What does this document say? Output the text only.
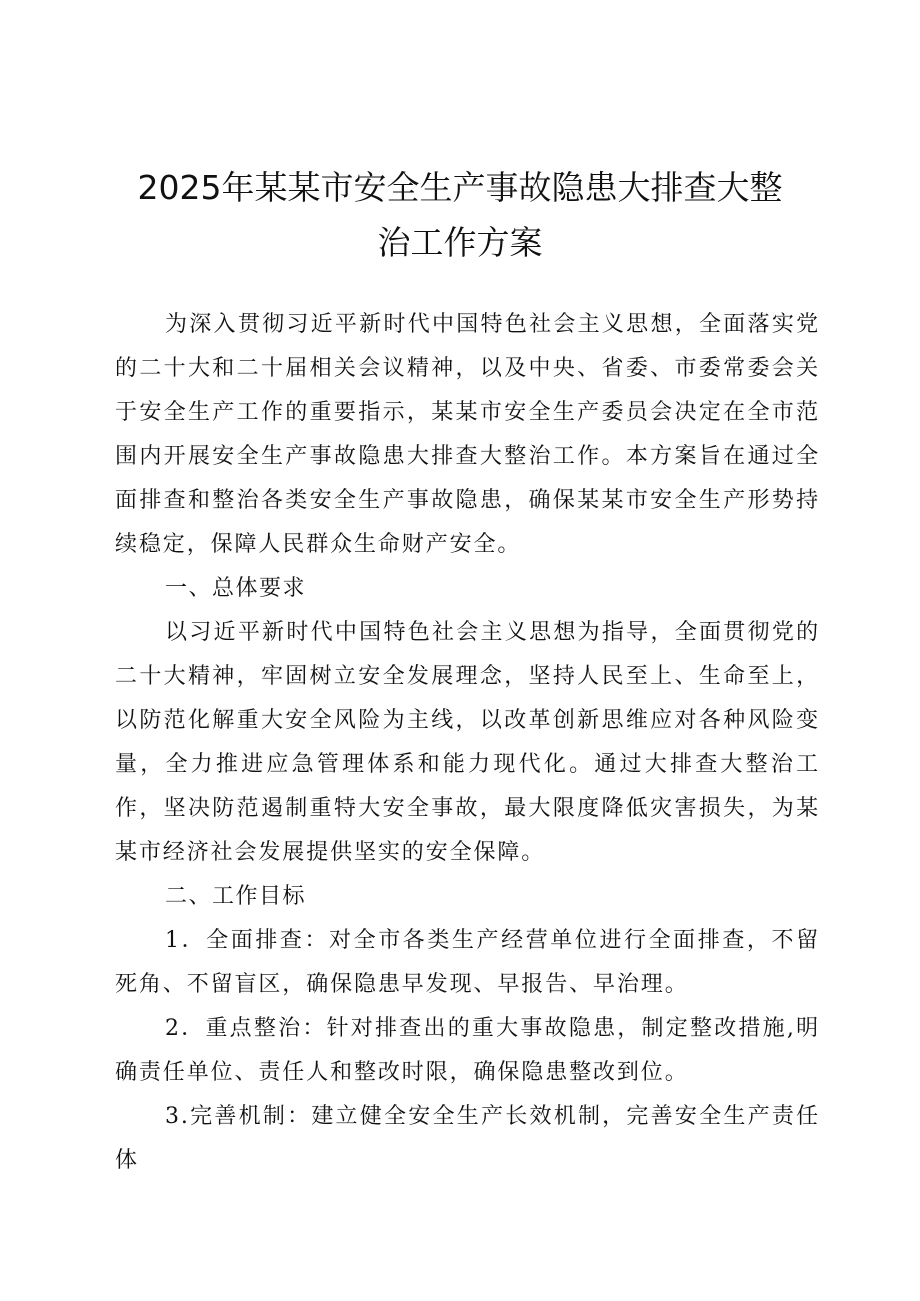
2025年某某市安全生产事故隐患大排查大整
治工作方案

为深入贯彻习近平新时代中国特色社会主义思想，全面落实党的二十大和二十届相关会议精神，以及中央、省委、市委常委会关于安全生产工作的重要指示，某某市安全生产委员会决定在全市范围内开展安全生产事故隐患大排查大整治工作。本方案旨在通过全面排查和整治各类安全生产事故隐患，确保某某市安全生产形势持续稳定，保障人民群众生命财产安全。

一、总体要求

以习近平新时代中国特色社会主义思想为指导，全面贯彻党的二十大精神，牢固树立安全发展理念，坚持人民至上、生命至上，以防范化解重大安全风险为主线，以改革创新思维应对各种风险变量，全力推进应急管理体系和能力现代化。通过大排查大整治工作，坚决防范遏制重特大安全事故，最大限度降低灾害损失，为某某市经济社会发展提供坚实的安全保障。

二、工作目标

1．全面排查：对全市各类生产经营单位进行全面排查，不留死角、不留盲区，确保隐患早发现、早报告、早治理。

2．重点整治：针对排查出的重大事故隐患，制定整改措施,明确责任单位、责任人和整改时限，确保隐患整改到位。

3.完善机制：建立健全安全生产长效机制，完善安全生产责任体
